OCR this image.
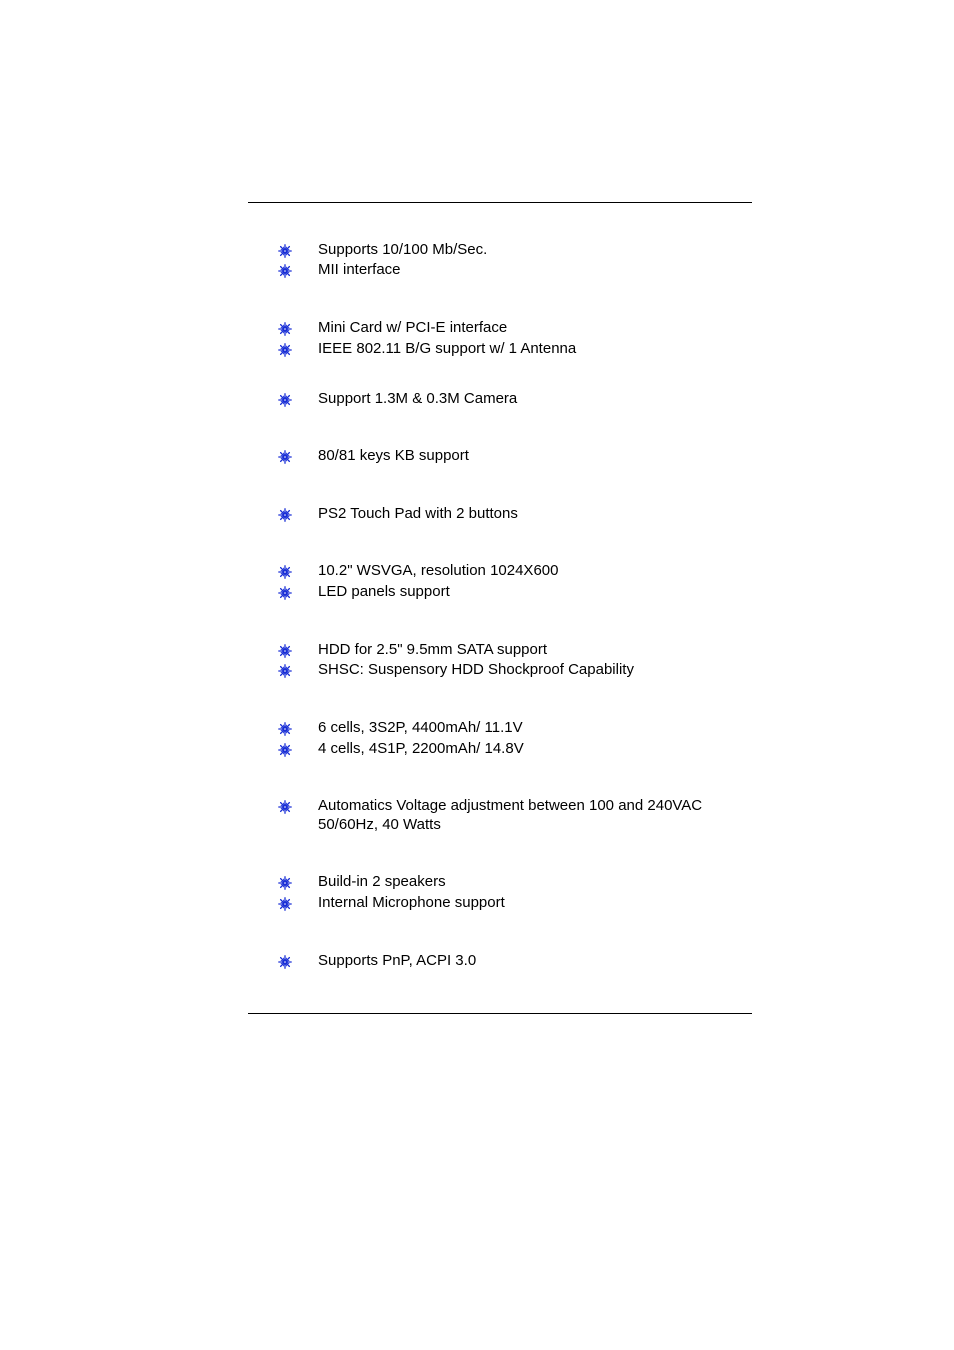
Supports 10/100 Mb/Sec.
MII interface
Mini Card w/ PCI-E interface
IEEE 802.11 B/G support w/ 1 Antenna
Support 1.3M & 0.3M Camera
80/81 keys KB support
PS2 Touch Pad with 2 buttons
10.2" WSVGA, resolution 1024X600
LED panels support
HDD for 2.5" 9.5mm SATA support
SHSC: Suspensory HDD Shockproof Capability
6 cells, 3S2P, 4400mAh/ 11.1V
4 cells, 4S1P, 2200mAh/ 14.8V
Automatics Voltage adjustment between 100 and 240VAC
50/60Hz, 40 Watts
Build-in 2 speakers
Internal Microphone support
Supports PnP, ACPI 3.0
